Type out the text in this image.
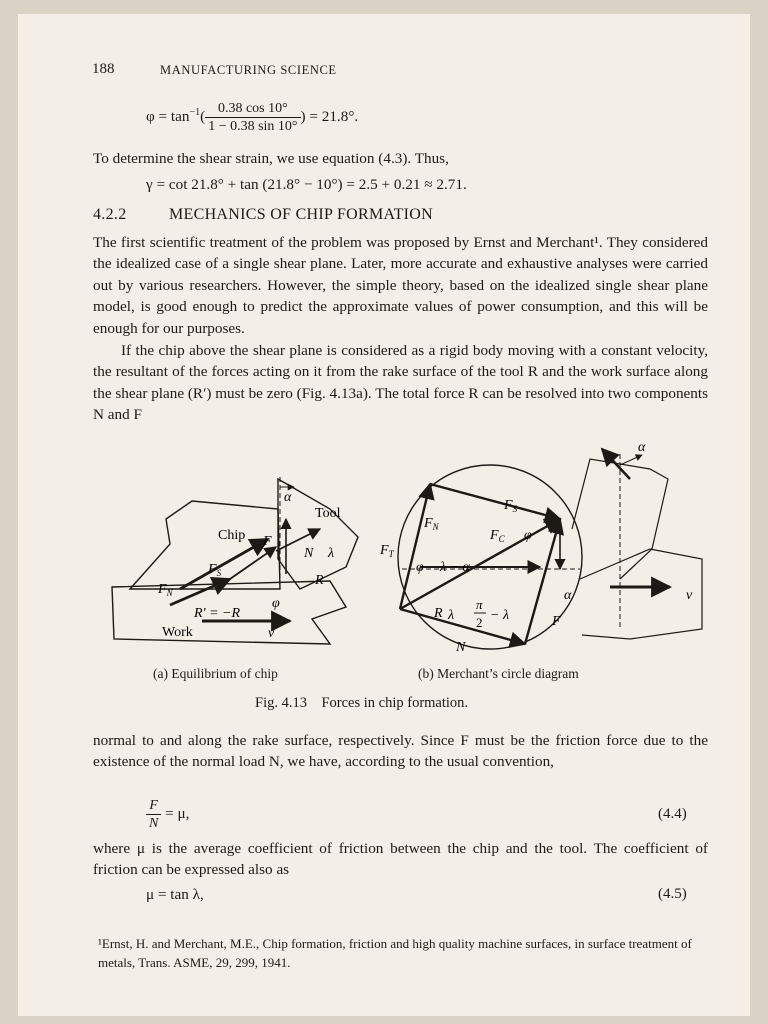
188	MANUFACTURING SCIENCE
$\varphi = \tan^{-1}( \frac{0.38 \cos 10^\circ}{1 - 0.38 \sin 10^\circ}$ ) = 21.8°.
To determine the shear strain, we use equation (4.3). Thus,
γ = cot 21.8° + tan (21.8° − 10°) = 2.5 + 0.21 ≈ 2.71.
4.2.2	MECHANICS OF CHIP FORMATION
The first scientific treatment of the problem was proposed by Ernst and Merchant¹. They considered the idealized case of a single shear plane. Later, more accurate and exhaustive analyses were carried out by various researchers. However, the simple theory, based on the idealized single shear plane model, is good enough to predict the approximate values of power consumption, and this will be enough for our purposes.
If the chip above the shear plane is considered as a rigid body moving with a constant velocity, the resultant of the forces acting on it from the rake surface of the tool R and the work surface along the shear plane (R′) must be zero (Fig. 4.13a). The total force R can be resolved into two components N and F
α
Tool
Chip F
N λ
$F_S$	R
$F_N$
R′ = −R
φ
Work	v
α
$F_S$
$F_N$
$F_C$ φ
$F_T$
φ λ − α
α
R λ
π
2 − λ	F
N
v
(a) Equilibrium of chip	(b) Merchant’s circle diagram
Fig. 4.13    Forces in chip formation.
normal to and along the rake surface, respectively. Since F must be the friction force due to the existence of the normal load N, we have, according to the usual convention,
$\frac{F}{N} = \mu$,	(4.4)
where μ is the average coefficient of friction between the chip and the tool. The coefficient of friction can be expressed also as
μ = tan λ,	(4.5)
¹Ernst, H. and Merchant, M.E., Chip formation, friction and high quality machine surfaces, in surface treatment of metals, Trans. ASME, 29, 299, 1941.
